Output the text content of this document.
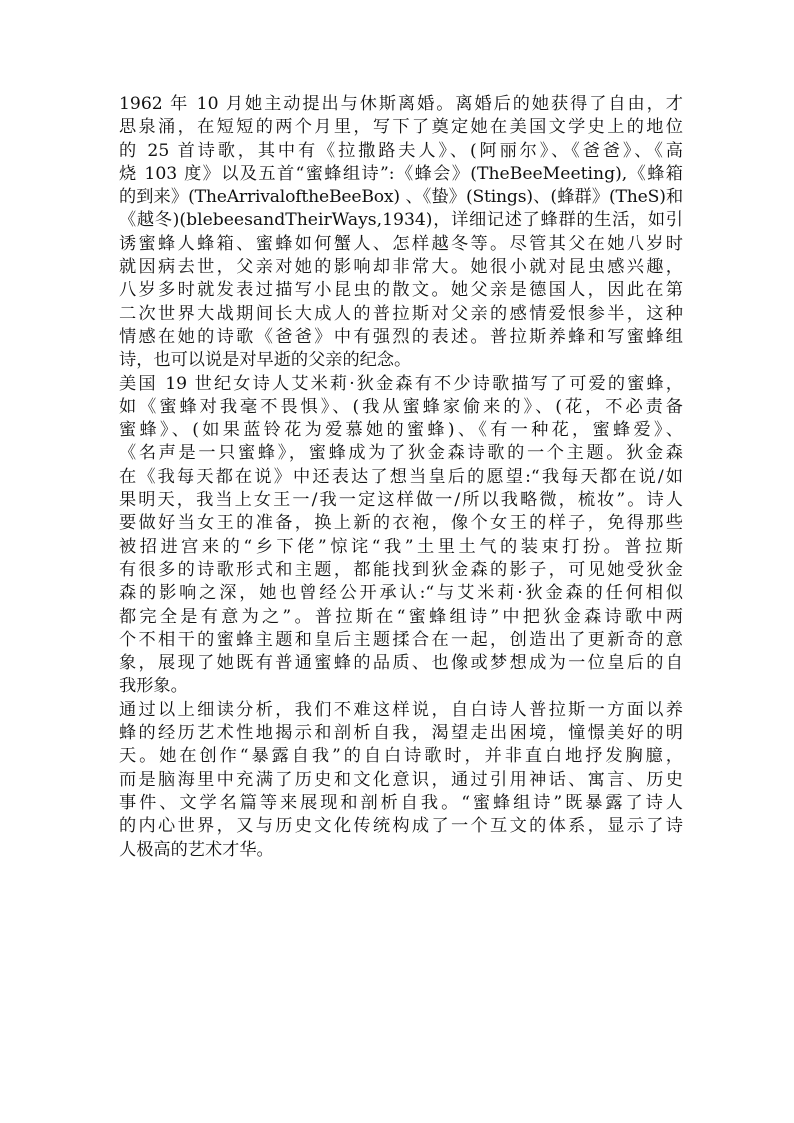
1962 年 10 月她主动提出与休斯离婚。离婚后的她获得了自由，才
思泉涌，在短短的两个月里，写下了奠定她在美国文学史上的地位
的 25 首诗歌，其中有《拉撒路夫人》、(阿丽尔》、《爸爸》、《高
烧 103 度》以及五首“蜜蜂组诗”:《蜂会》(TheBeeMeeting),《蜂箱
的到来》(TheArrivaloftheBeeBox) 、《蛰》(Stings)、(蜂群》(TheS)和
《越冬)(blebeesandTheirWays,1934)，详细记述了蜂群的生活，如引
诱蜜蜂人蜂箱、蜜蜂如何蟹人、怎样越冬等。尽管其父在她八岁时
就因病去世，父亲对她的影响却非常大。她很小就对昆虫感兴趣，
八岁多时就发表过描写小昆虫的散文。她父亲是德国人，因此在第
二次世界大战期间长大成人的普拉斯对父亲的感情爱恨参半，这种
情感在她的诗歌《爸爸》中有强烈的表述。普拉斯养蜂和写蜜蜂组
诗，也可以说是对早逝的父亲的纪念。
美国 19 世纪女诗人艾米莉·狄金森有不少诗歌描写了可爱的蜜蜂，
如《蜜蜂对我毫不畏惧》、(我从蜜蜂家偷来的》、(花，不必责备
蜜蜂》、(如果蓝铃花为爱慕她的蜜蜂)、《有一种花，蜜蜂爱》、
《名声是一只蜜蜂》，蜜蜂成为了狄金森诗歌的一个主题。狄金森
在《我每天都在说》中还表达了想当皇后的愿望:“我每天都在说/如
果明天，我当上女王一/我一定这样做一/所以我略微，梳妆”。诗人
要做好当女王的准备，换上新的衣袍，像个女王的样子，免得那些
被招进宫来的“乡下佬”惊诧“我”土里土气的装束打扮。普拉斯
有很多的诗歌形式和主题，都能找到狄金森的影子，可见她受狄金
森的影响之深，她也曾经公开承认:“与艾米莉·狄金森的任何相似
都完全是有意为之”。普拉斯在“蜜蜂组诗”中把狄金森诗歌中两
个不相干的蜜蜂主题和皇后主题揉合在一起，创造出了更新奇的意
象，展现了她既有普通蜜蜂的品质、也像或梦想成为一位皇后的自
我形象。
通过以上细读分析，我们不难这样说，自白诗人普拉斯一方面以养
蜂的经历艺术性地揭示和剖析自我，渴望走出困境，憧憬美好的明
天。她在创作“暴露自我”的自白诗歌时，并非直白地抒发胸臆，
而是脑海里中充满了历史和文化意识，通过引用神话、寓言、历史
事件、文学名篇等来展现和剖析自我。“蜜蜂组诗”既暴露了诗人
的内心世界，又与历史文化传统构成了一个互文的体系，显示了诗
人极高的艺术才华。
